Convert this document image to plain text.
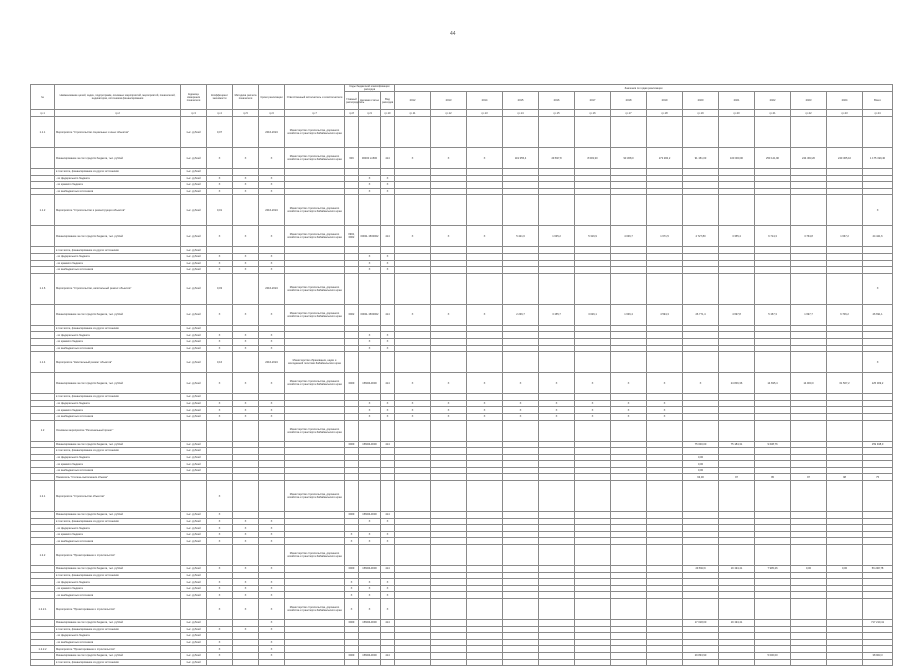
44
№	Наименование целей, задач, подпрограмм, основных мероприятий, мероприятий, показателей, индикаторов, источников финансирования	Единица измерения показателя	Коэффициент значимости	Методика расчета показателя	Сроки реализации	Ответственный исполнитель и соисполнители	Коды бюджетной классификации расходов			Значения по годам реализации														
							Главный распорядитель	Целевая статья	Вид расходов	2012	2013	2014	2015	2016	2017	2018	2019	2020	2021	2022	2023	2024	Всего	
гр.1	гр.2	гр.3	гр.4	гр.5	гр.6	гр.7	гр.8	гр.9	гр.10	гр.11	гр.12	гр.13	гр.14	гр.15	гр.16	гр.17	гр.18	гр.19	гр.20	гр.21	гр.22	гр.23	гр.24	
1.1.1	Мероприятие "Строительство социальных и иных объектов"	тыс. рублей	0,07		2016-2024	Министерство строительства, дорожного хозяйства и транспорта Забайкальского края																		
	Финансирование за счет средств бюджета, тыс. рублей	тыс. рублей	X	X	X	Министерство строительства, дорожного хозяйства и транспорта Забайкальского края	609	00000 L1500	414	X	X	X	119 355,4	29 837,8	8 093,30	93 368,0	173 284,2	91 151,03	100 000,00	250 141,90	244 363,20	240 365,10	1 175 199,40	
	в том числе, финансирование из других источников:	тыс. рублей																						
	- из федерального бюджета	тыс. рублей	X	X	X			X	X															
	- из краевого бюджета	тыс. рублей	X	X	X			X	X															
	- из внебюджетных источников	тыс. рублей	X	X	X			X	X															
1.1.2	Мероприятие "Строительство и реконструкция объектов"	тыс. рублей	0,01		2016-2024	Министерство строительства, дорожного хозяйства и транспорта Забайкальского края																	X	
	Финансирование за счет средств бюджета, тыс. рублей	тыс. рублей	X	X	X	Министерство строительства, дорожного хозяйства и транспорта Забайкальского края	0902, 0902	0000L 1500002	414	X	X	X	5 421,6	1 635,2	5 316,9	4 036,7	1 671,5	4 727,80	3 355,4	6 714,3	3 764,8	1 667,2	44 421,6	
	в том числе, финансирование из других источников:	тыс. рублей																						
	- из федерального бюджета	тыс. рублей	X	X	X			X	X															
	- из краевого бюджета	тыс. рублей	X	X	X			X	X															
	- из внебюджетных источников	тыс. рублей	X	X	X			X	X															
1.1.6	Мероприятие "Строительство, капитальный ремонт объектов"	тыс. рублей	0,03		2016-2024	Министерство строительства, дорожного хозяйства и транспорта Забайкальского края																	X	
	Финансирование за счет средств бюджета, тыс. рублей	тыс. рублей	X	X	X	Министерство строительства, дорожного хозяйства и транспорта Забайкальского края	0902	0000L 1500002	414	X	X	X	2 236,7	3 155,7	3 026,1	1 636,4	4 594,3	26 771,4	4 697,8	5 157,3	1 697,7	6 706,2	46 691,1	
	в том числе, финансирование из других источников:	тыс. рублей																						
	- из федерального бюджета	тыс. рублей	X	X	X			X	X															
	- из краевого бюджета	тыс. рублей	X	X	X			X	X															
	- из внебюджетных источников	тыс. рублей	X	X	X			X	X															
1.1.4	Мероприятие "Капитальный ремонт объектов"	тыс. рублей	0,16		2016-2024	Министерство образования, науки и молодежной политики Забайкальского края																	X	
	Финансирование за счет средств бюджета, тыс. рублей	тыс. рублей	X	X	X	Министерство строительства, дорожного хозяйства и транспорта Забайкальского края	0909	15600L0000	414	X	X	X	X	X	X	X	X	X	24 846,36	14 695,4	14 900,0	61 567,2	125 009,2	
	в том числе, финансирование из других источников:	тыс. рублей																						
	- из федерального бюджета	тыс. рублей	X	X	X			X	X	X	X	X	X	X	X	X	X							
	- из краевого бюджета	тыс. рублей	X	X	X			X	X	X	X	X	X	X	X	X	X							
	- из внебюджетных источников	тыс. рублей	X	X	X			X	X	X	X	X	X	X	X	X	X							
1.2	Основное мероприятие "Региональный проект"					Министерство строительства, дорожного хозяйства и транспорта Забайкальского края																		
	Финансирование за счет средств бюджета, тыс. рублей	тыс. рублей					0909	15600L0000	414									75 000,00	75 184,31	9 638,76			159 948,0	
	в том числе, финансирование из других источников:	тыс. рублей																						
	- из федерального бюджета	тыс. рублей																0,00						
	- из краевого бюджета	тыс. рублей																0,00						
	- из внебюджетных источников	тыс. рублей																0,00						
	Показатель "Степень выполнения объема"																	93,00	97	95	97	98	75	
1.2.1	Мероприятие "Строительство объектов"		X			Министерство строительства, дорожного хозяйства и транспорта Забайкальского края																		
	Финансирование за счет средств бюджета, тыс. рублей	тыс. рублей	X				0909	15600L0000	414															
	в том числе, финансирование из других источников:	тыс. рублей	X	X	X			X	X															
	- из федерального бюджета	тыс. рублей	X	X	X																			
	- из краевого бюджета	тыс. рублей	X	X	X		X	X	X															
	- из внебюджетных источников	тыс. рублей	X	X	X		X	X	X															
1.2.2	Мероприятие "Проектирование и строительство"					Министерство строительства, дорожного хозяйства и транспорта Забайкальского края																		
	Финансирование за счет средств бюджета, тыс. рублей	тыс. рублей	X	X	X		0909	15600L0000	414									29 833,9	19 194,41	7 995,26	0,00	0,00	56 248,78	
	в том числе, финансирование из других источников:	тыс. рублей																						
	- из федерального бюджета	тыс. рублей	X	X	X		X	X	X															
	- из краевого бюджета	тыс. рублей	X	X	X		X	X	X															
	- из внебюджетных источников	тыс. рублей	X	X	X		X	X	X															
1.2.2.1	Мероприятие "Проектирование и строительство"		X	X	X	Министерство строительства, дорожного хозяйства и транспорта Забайкальского края	X	X	X															
	Финансирование за счет средств бюджета, тыс. рублей	тыс. рублей			X		0909	15600L0000	414									17 018,00	19 194,41				717 210,41	
	в том числе, финансирование из других источников:	тыс. рублей	X	X	X																			
	- из федерального бюджета	тыс. рублей																						
	- из внебюджетных источников	тыс. рублей	X		X																			
1.2.2.2	Мероприятие "Проектирование и строительство"		X		X																			
	Финансирование за счет средств бюджета, тыс. рублей	тыс. рублей	X		X		0909	15600L0000	414									29 833,90		5 000,00			38 903,3	
	в том числе, финансирование из других источников:	тыс. рублей																						
